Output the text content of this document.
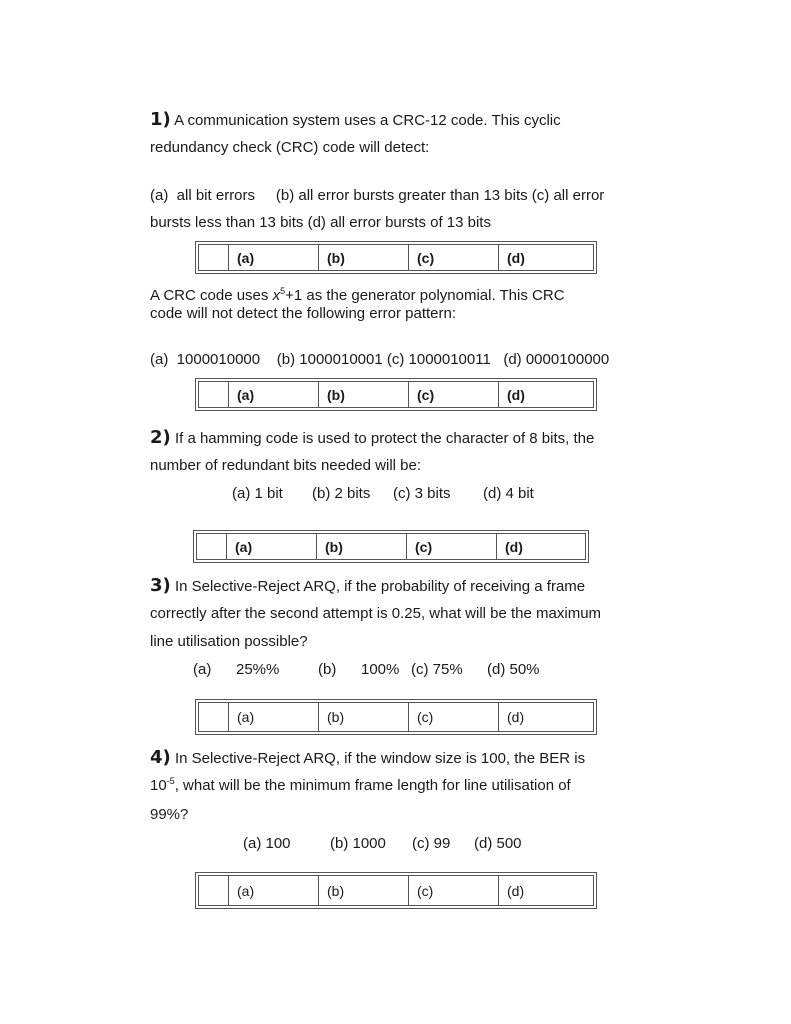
1) A communication system uses a CRC-12 code. This cyclic
redundancy check (CRC) code will detect:
(a)  all bit errors     (b) all error bursts greater than 13 bits (c) all error
bursts less than 13 bits (d) all error bursts of 13 bits
(a)	(b)	(c)	(d)
A CRC code uses $x^5+1$ as the generator polynomial. This CRC
code will not detect the following error pattern:
(a)  1000010000    (b) 1000010001 (c) 1000010011   (d) 0000100000
(a)	(b)	(c)	(d)
2) If a hamming code is used to protect the character of 8 bits, the
number of redundant bits needed will be:
(a) 1 bit (b) 2 bits (c) 3 bits (d) 4 bit
(a)	(b)	(c)	(d)
3) In Selective-Reject ARQ, if the probability of receiving a frame
correctly after the second attempt is 0.25, what will be the maximum
line utilisation possible?
(a) 25%%	(b) 100% (c) 75% (d) 50%
(a)	(b)	(c)	(d)
4) In Selective-Reject ARQ, if the window size is 100, the BER is
$10^{-5}$, what will be the minimum frame length for line utilisation of
99%?
(a) 100	(b) 1000 (c) 99 (d) 500
(a)	(b)	(c)	(d)
